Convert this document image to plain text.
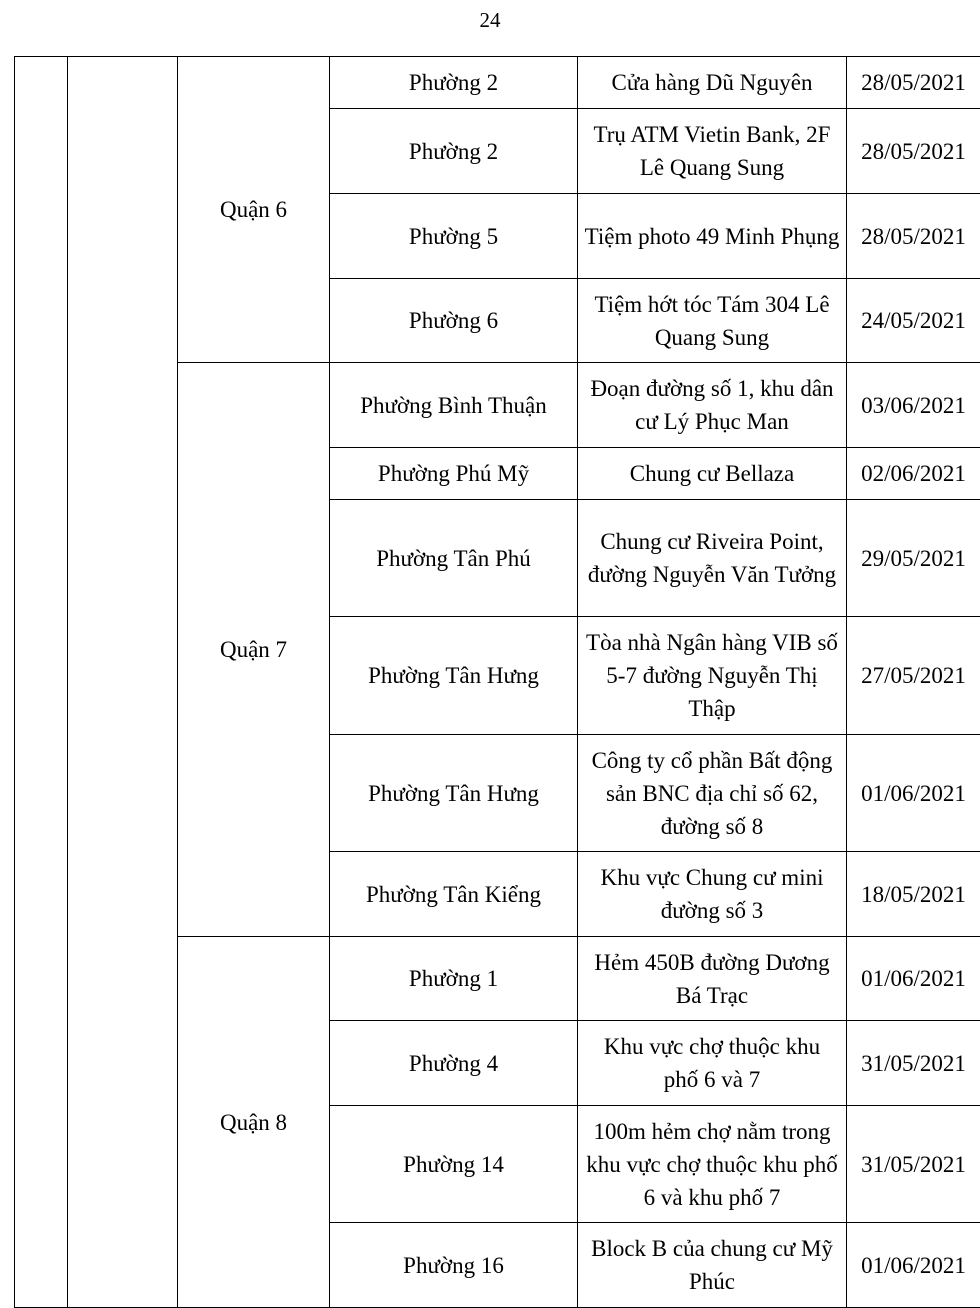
24
		Quận 6	Phường 2	Cửa hàng Dũ Nguyên	28/05/2021
			Phường 2	Trụ ATM Vietin Bank, 2F Lê Quang Sung	28/05/2021
			Phường 5	Tiệm photo 49 Minh Phụng	28/05/2021
			Phường 6	Tiệm hớt tóc Tám 304 Lê Quang Sung	24/05/2021
		Quận 7	Phường Bình Thuận	Đoạn đường số 1, khu dân cư Lý Phục Man	03/06/2021
			Phường Phú Mỹ	Chung cư Bellaza	02/06/2021
			Phường Tân Phú	Chung cư Riveira Point, đường Nguyễn Văn Tưởng	29/05/2021
			Phường Tân Hưng	Tòa nhà Ngân hàng VIB số 5-7 đường Nguyễn Thị Thập	27/05/2021
			Phường Tân Hưng	Công ty cổ phần Bất động sản BNC địa chỉ số 62, đường số 8	01/06/2021
			Phường Tân Kiểng	Khu vực Chung cư mini đường số 3	18/05/2021
		Quận 8	Phường 1	Hẻm 450B đường Dương Bá Trạc	01/06/2021
			Phường 4	Khu vực chợ thuộc khu phố 6 và 7	31/05/2021
			Phường 14	100m hẻm chợ nằm trong khu vực chợ thuộc khu phố 6 và khu phố 7	31/05/2021
			Phường 16	Block B của chung cư Mỹ Phúc	01/06/2021
